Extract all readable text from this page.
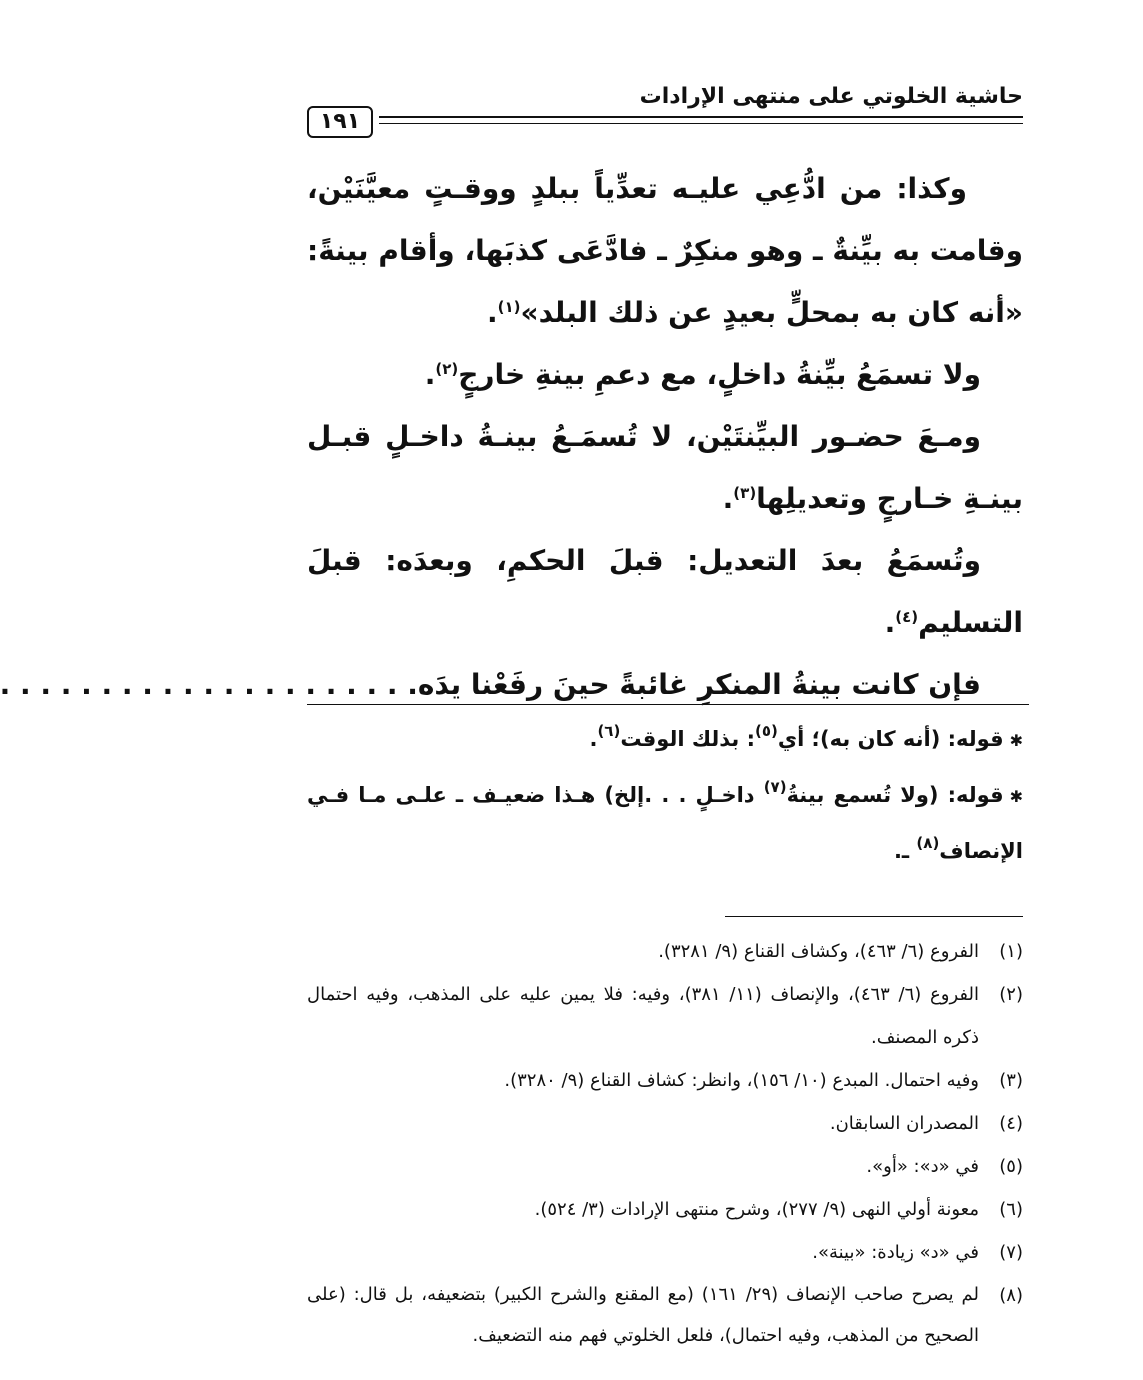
حاشية الخلوتي على منتهى الإرادات
١٩١

وكذا: من ادُّعِي عليـه تعدِّياً ببلدٍ ووقـتٍ معيَّنَيْن، وقامت به بيِّنةٌ ـ وهو منكِرٌ ـ فادَّعَى كذبَها، وأقام بينةً: «أنه كان به بمحلٍّ بعيدٍ عن ذلك البلد»$^{(١)}$.

ولا تسمَعُ بيِّنةُ داخلٍ، مع دعمِ بينةِ خارجٍ$^{(٢)}$.

ومـعَ حضـور البيِّنتَيْن، لا تُسمَـعُ بينـةُ داخـلٍ قبـل بينـةِ خـارجٍ وتعديلِها$^{(٣)}$.

وتُسمَعُ بعدَ التعديل: قبلَ الحكمِ، وبعدَه: قبلَ التسليم$^{(٤)}$.

فإن كانت بينةُ المنكرِ غائبةً حينَ رفَعْنا يدَه. . . . . . . . . . . . . . . . . . . . .

✱قوله: (أنه كان به)؛ أي$^{(٥)}$: بذلك الوقت$^{(٦)}$.

✱قوله: (ولا تُسمع بينةُ$^{(٧)}$ داخـلٍ . . .إلخ) هـذا ضعيـف ـ علـى مـا فـي الإنصاف$^{(٨)}$ ـ.

(١)
الفروع (٦/ ٤٦٣)، وكشاف القناع (٩/ ٣٢٨١).
(٢)
الفروع (٦/ ٤٦٣)، والإنصاف (١١/ ٣٨١)، وفيه: فلا يمين عليه على المذهب، وفيه احتمال ذكره المصنف.
(٣)
وفيه احتمال. المبدع (١٠/ ١٥٦)، وانظر: كشاف القناع (٩/ ٣٢٨٠).
(٤)
المصدران السابقان.
(٥)
في «د»: «أو».
(٦)
معونة أولي النهى (٩/ ٢٧٧)، وشرح منتهى الإرادات (٣/ ٥٢٤).
(٧)
في «د» زيادة: «بينة».
(٨)
لم يصرح صاحب الإنصاف (٢٩/ ١٦١) (مع المقنع والشرح الكبير) بتضعيفه، بل قال: (على الصحيح من المذهب، وفيه احتمال)، فلعل الخلوتي فهم منه التضعيف.
